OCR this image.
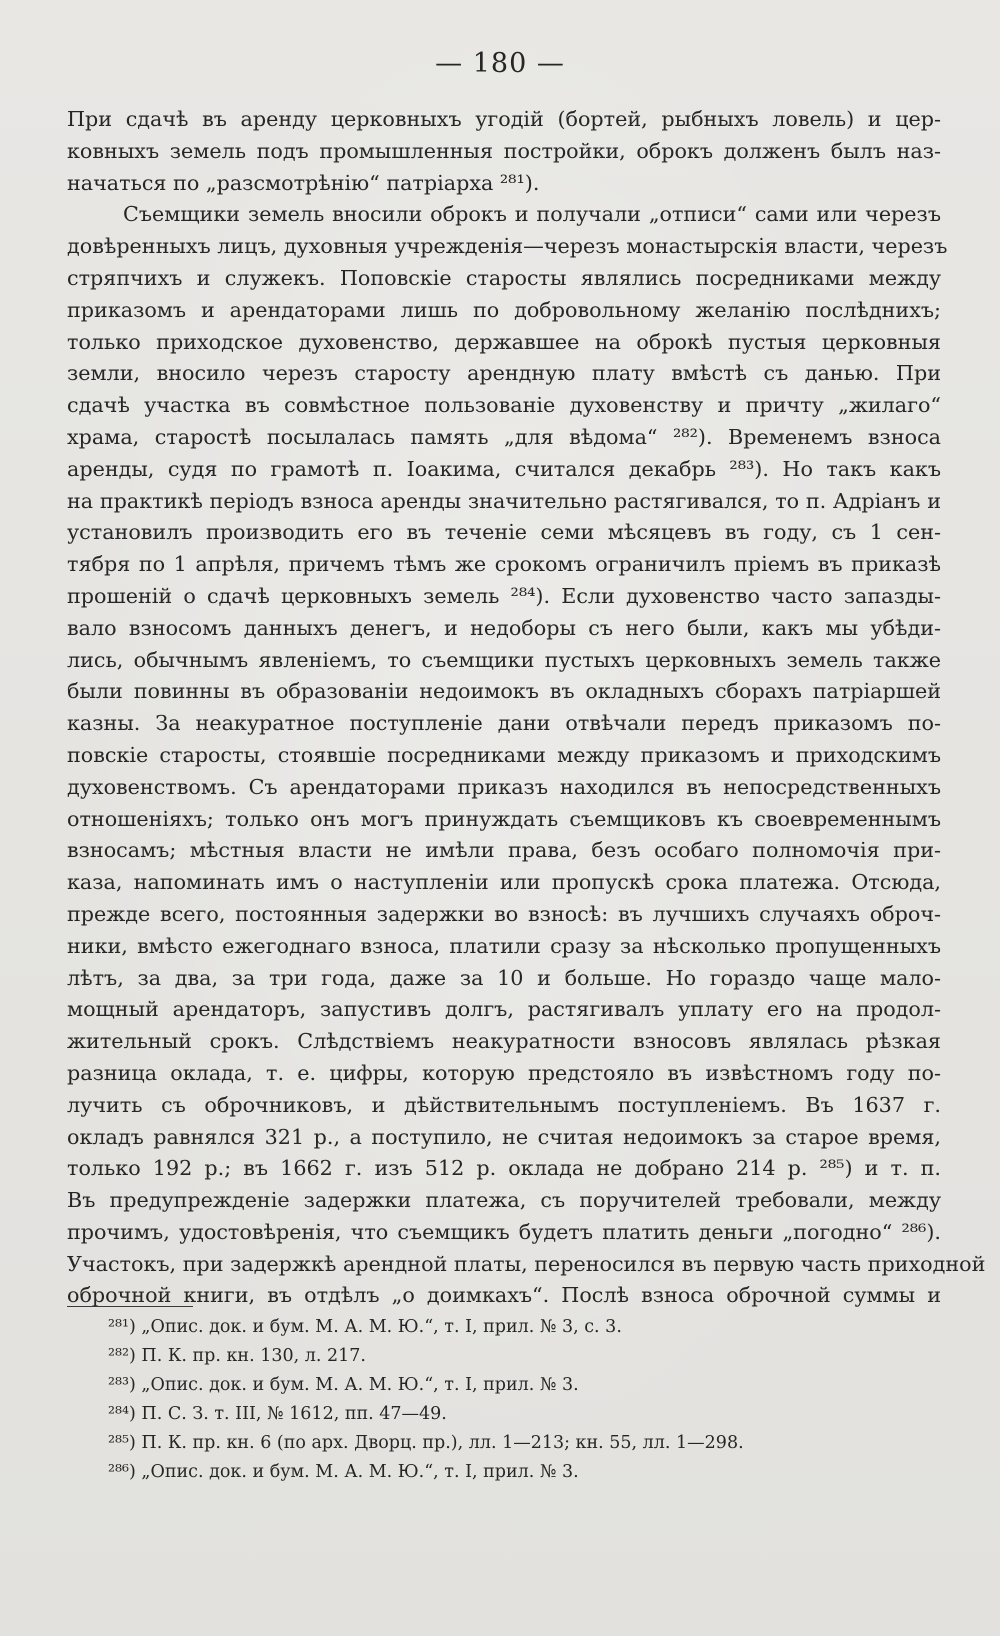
— 180 —
При сдачѣ въ аренду церковныхъ угодій (бортей, рыбныхъ ловель) и цер-
ковныхъ земель подъ промышленныя постройки, оброкъ долженъ былъ наз-
начаться по „разсмотрѣнію“ патріарха ²⁸¹).
Съемщики земель вносили оброкъ и получали „отписи“ сами или черезъ
довѣренныхъ лицъ, духовныя учрежденія—черезъ монастырскія власти, черезъ
стряпчихъ и служекъ. Поповскіе старосты являлись посредниками между
приказомъ и арендаторами лишь по добровольному желанію послѣднихъ;
только приходское духовенство, державшее на оброкѣ пустыя церковныя
земли, вносило черезъ старосту арендную плату вмѣстѣ съ данью. При
сдачѣ участка въ совмѣстное пользованіе духовенству и причту „жилаго“
храма, старостѣ посылалась память „для вѣдома“ ²⁸²). Временемъ взноса
аренды, судя по грамотѣ п. Іоакима, считался декабрь ²⁸³). Но такъ какъ
на практикѣ періодъ взноса аренды значительно растягивался, то п. Адріанъ и
установилъ производить его въ теченіе семи мѣсяцевъ въ году, съ 1 сен-
тября по 1 апрѣля, причемъ тѣмъ же срокомъ ограничилъ пріемъ въ приказѣ
прошеній о сдачѣ церковныхъ земель ²⁸⁴). Если духовенство часто запазды-
вало взносомъ данныхъ денегъ, и недоборы съ него были, какъ мы убѣди-
лись, обычнымъ явленіемъ, то съемщики пустыхъ церковныхъ земель также
были повинны въ образованіи недоимокъ въ окладныхъ сборахъ патріаршей
казны. За неакуратное поступленіе дани отвѣчали передъ приказомъ по-
повскіе старосты, стоявшіе посредниками между приказомъ и приходскимъ
духовенствомъ. Съ арендаторами приказъ находился въ непосредственныхъ
отношеніяхъ; только онъ могъ принуждать съемщиковъ къ своевременнымъ
взносамъ; мѣстныя власти не имѣли права, безъ особаго полномочія при-
каза, напоминать имъ о наступленіи или пропускѣ срока платежа. Отсюда,
прежде всего, постоянныя задержки во взносѣ: въ лучшихъ случаяхъ оброч-
ники, вмѣсто ежегоднаго взноса, платили сразу за нѣсколько пропущенныхъ
лѣтъ, за два, за три года, даже за 10 и больше. Но гораздо чаще мало-
мощный арендаторъ, запустивъ долгъ, растягивалъ уплату его на продол-
жительный срокъ. Слѣдствіемъ неакуратности взносовъ являлась рѣзкая
разница оклада, т. е. цифры, которую предстояло въ извѣстномъ году по-
лучить съ оброчниковъ, и дѣйствительнымъ поступленіемъ. Въ 1637 г.
окладъ равнялся 321 р., а поступило, не считая недоимокъ за старое время,
только 192 р.; въ 1662 г. изъ 512 р. оклада не добрано 214 р. ²⁸⁵) и т. п.
Въ предупрежденіе задержки платежа, съ поручителей требовали, между
прочимъ, удостовѣренія, что съемщикъ будетъ платить деньги „погодно“ ²⁸⁶).
Участокъ, при задержкѣ арендной платы, переносился въ первую часть приходной
оброчной книги, въ отдѣлъ „о доимкахъ“. Послѣ взноса оброчной суммы и
²⁸¹) „Опис. док. и бум. М. А. М. Ю.“, т. I, прил. № 3, с. 3.
²⁸²) П. К. пр. кн. 130, л. 217.
²⁸³) „Опис. док. и бум. М. А. М. Ю.“, т. I, прил. № 3.
²⁸⁴) П. С. З. т. III, № 1612, пп. 47—49.
²⁸⁵) П. К. пр. кн. 6 (по арх. Дворц. пр.), лл. 1—213; кн. 55, лл. 1—298.
²⁸⁶) „Опис. док. и бум. М. А. М. Ю.“, т. I, прил. № 3.
